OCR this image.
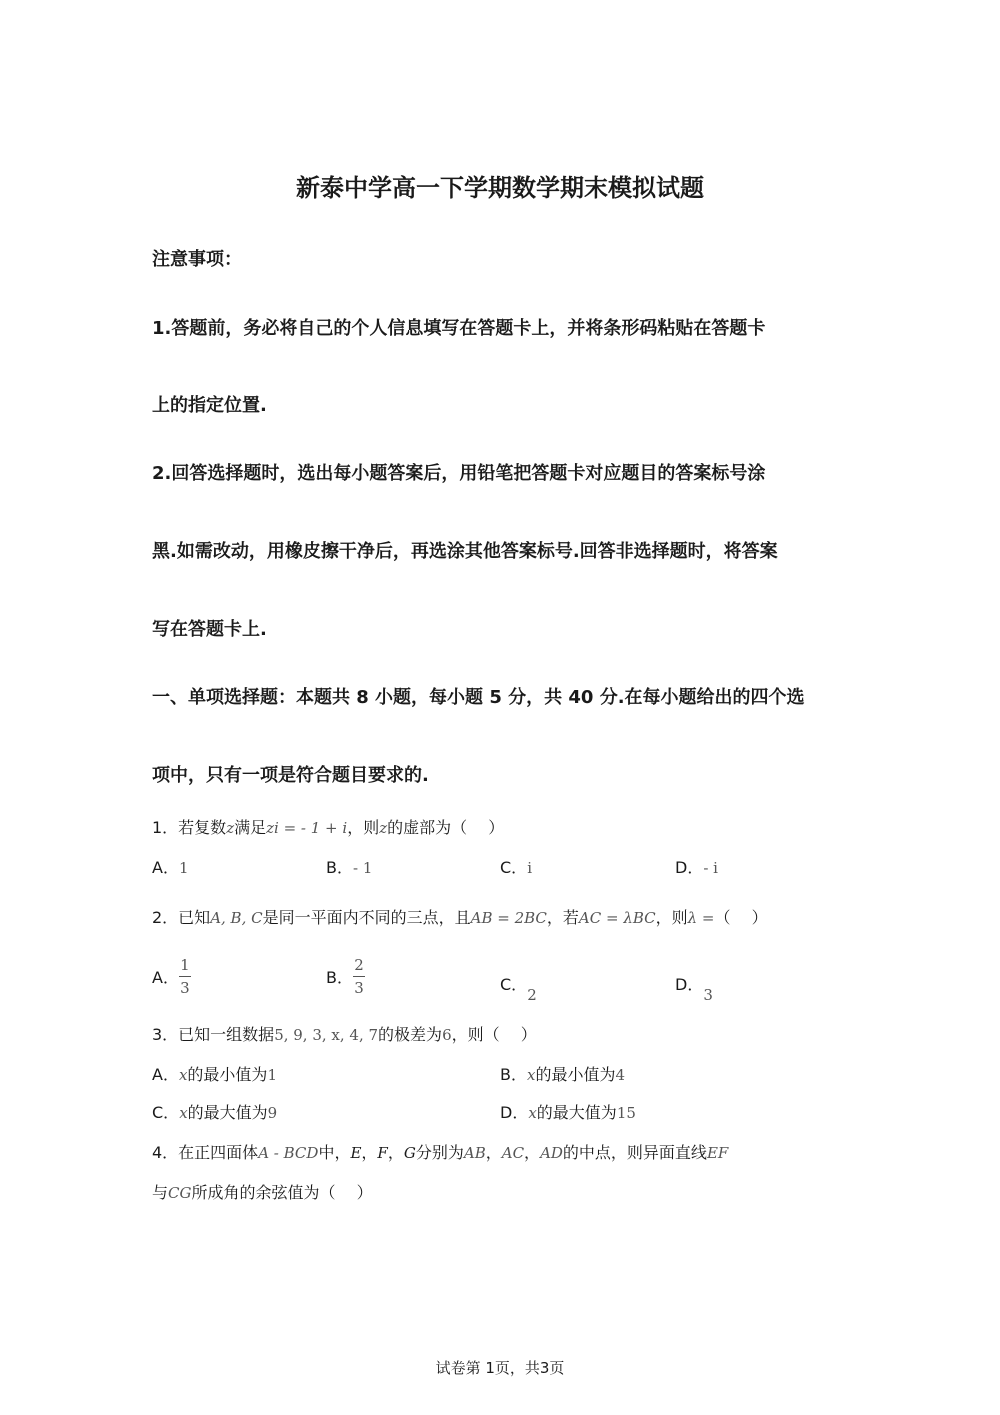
新泰中学高一下学期数学期末模拟试题
注意事项：
1.答题前，务必将自己的个人信息填写在答题卡上，并将条形码粘贴在答题卡
上的指定位置.
2.回答选择题时，选出每小题答案后，用铅笔把答题卡对应题目的答案标号涂
黑.如需改动，用橡皮擦干净后，再选涂其他答案标号.回答非选择题时，将答案
写在答题卡上.
一、单项选择题：本题共 8 小题，每小题 5 分，共 40 分.在每小题给出的四个选
项中，只有一项是符合题目要求的.
1．若复数z满足zi = - 1 + i，则z的虚部为（　 ）
A．1	B．- 1	C．i	D．- i
2．已知A, B, C是同一平面内不同的三点，且AB = 2BC，若AC = λBC，则λ =（　 ）
A． $\frac{1}{3}$	B． $\frac{2}{3}$	C．2
D．3
3．已知一组数据5, 9, 3, x, 4, 7的极差为6，则（　 ）
A．x的最小值为1	B．x的最小值为4
C．x的最大值为9	D．x的最大值为15
4．在正四面体A - BCD中，E，F，G分别为AB，AC，AD的中点，则异面直线EF
与CG所成角的余弦值为（　 ）
试卷第 1页，共3页
